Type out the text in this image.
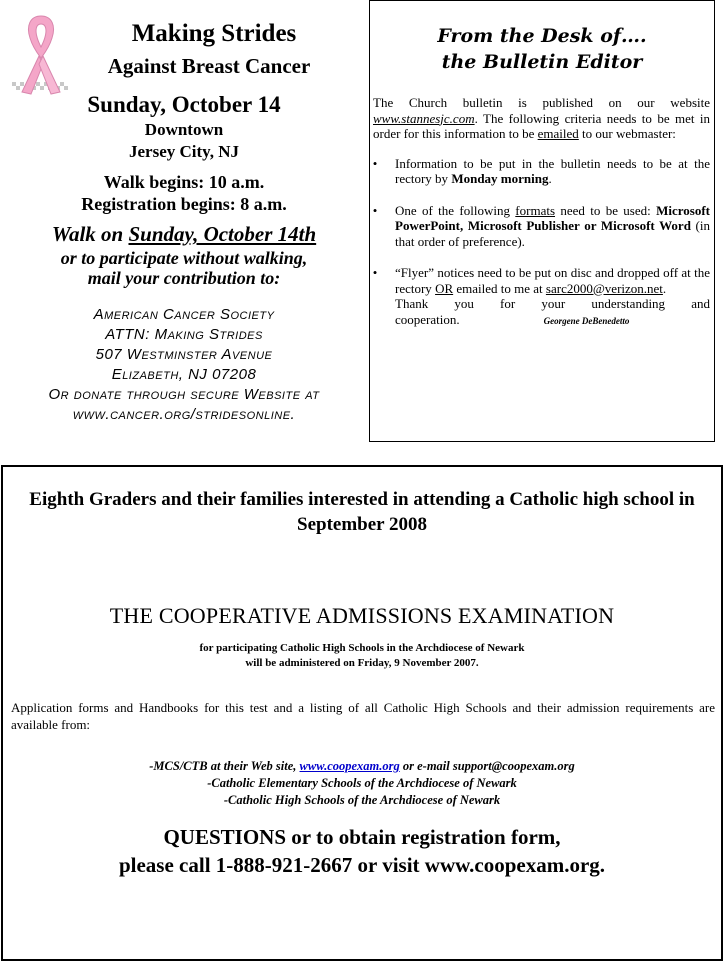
Making Strides
Against Breast Cancer
Sunday, October 14
Downtown
Jersey City, NJ
Walk begins: 10 a.m.
Registration begins: 8 a.m.
Walk on Sunday, October 14th
or to participate without walking,
mail your contribution to:
American Cancer Society
ATTN: Making Strides
507 Westminster Avenue
Elizabeth, NJ 07208
Or donate through secure Website at
www.cancer.org/stridesonline.
From the Desk of….
the Bulletin Editor
The Church bulletin is published on our website www.stannesjc.com. The following criteria needs to be met in order for this information to be emailed to our webmaster:
• Information to be put in the bulletin needs to be at the rectory by Monday morning.
• One of the following formats need to be used: Microsoft PowerPoint, Microsoft Publisher or Microsoft Word (in that order of preference).
• “Flyer” notices need to be put on disc and dropped off at the rectory OR emailed to me at sarc2000@verizon.net.
Thank you for your understanding and cooperation.	Georgene DeBenedetto
Eighth Graders and their families interested in attending a Catholic high school in September 2008
THE COOPERATIVE ADMISSIONS EXAMINATION
for participating Catholic High Schools in the Archdiocese of Newark
will be administered on Friday, 9 November 2007.
Application forms and Handbooks for this test and a listing of all Catholic High Schools and their admission requirements are available from:
-MCS/CTB at their Web site, www.coopexam.org or e-mail support@coopexam.org
-Catholic Elementary Schools of the Archdiocese of Newark
-Catholic High Schools of the Archdiocese of Newark
QUESTIONS or to obtain registration form,
please call 1-888-921-2667 or visit www.coopexam.org.
